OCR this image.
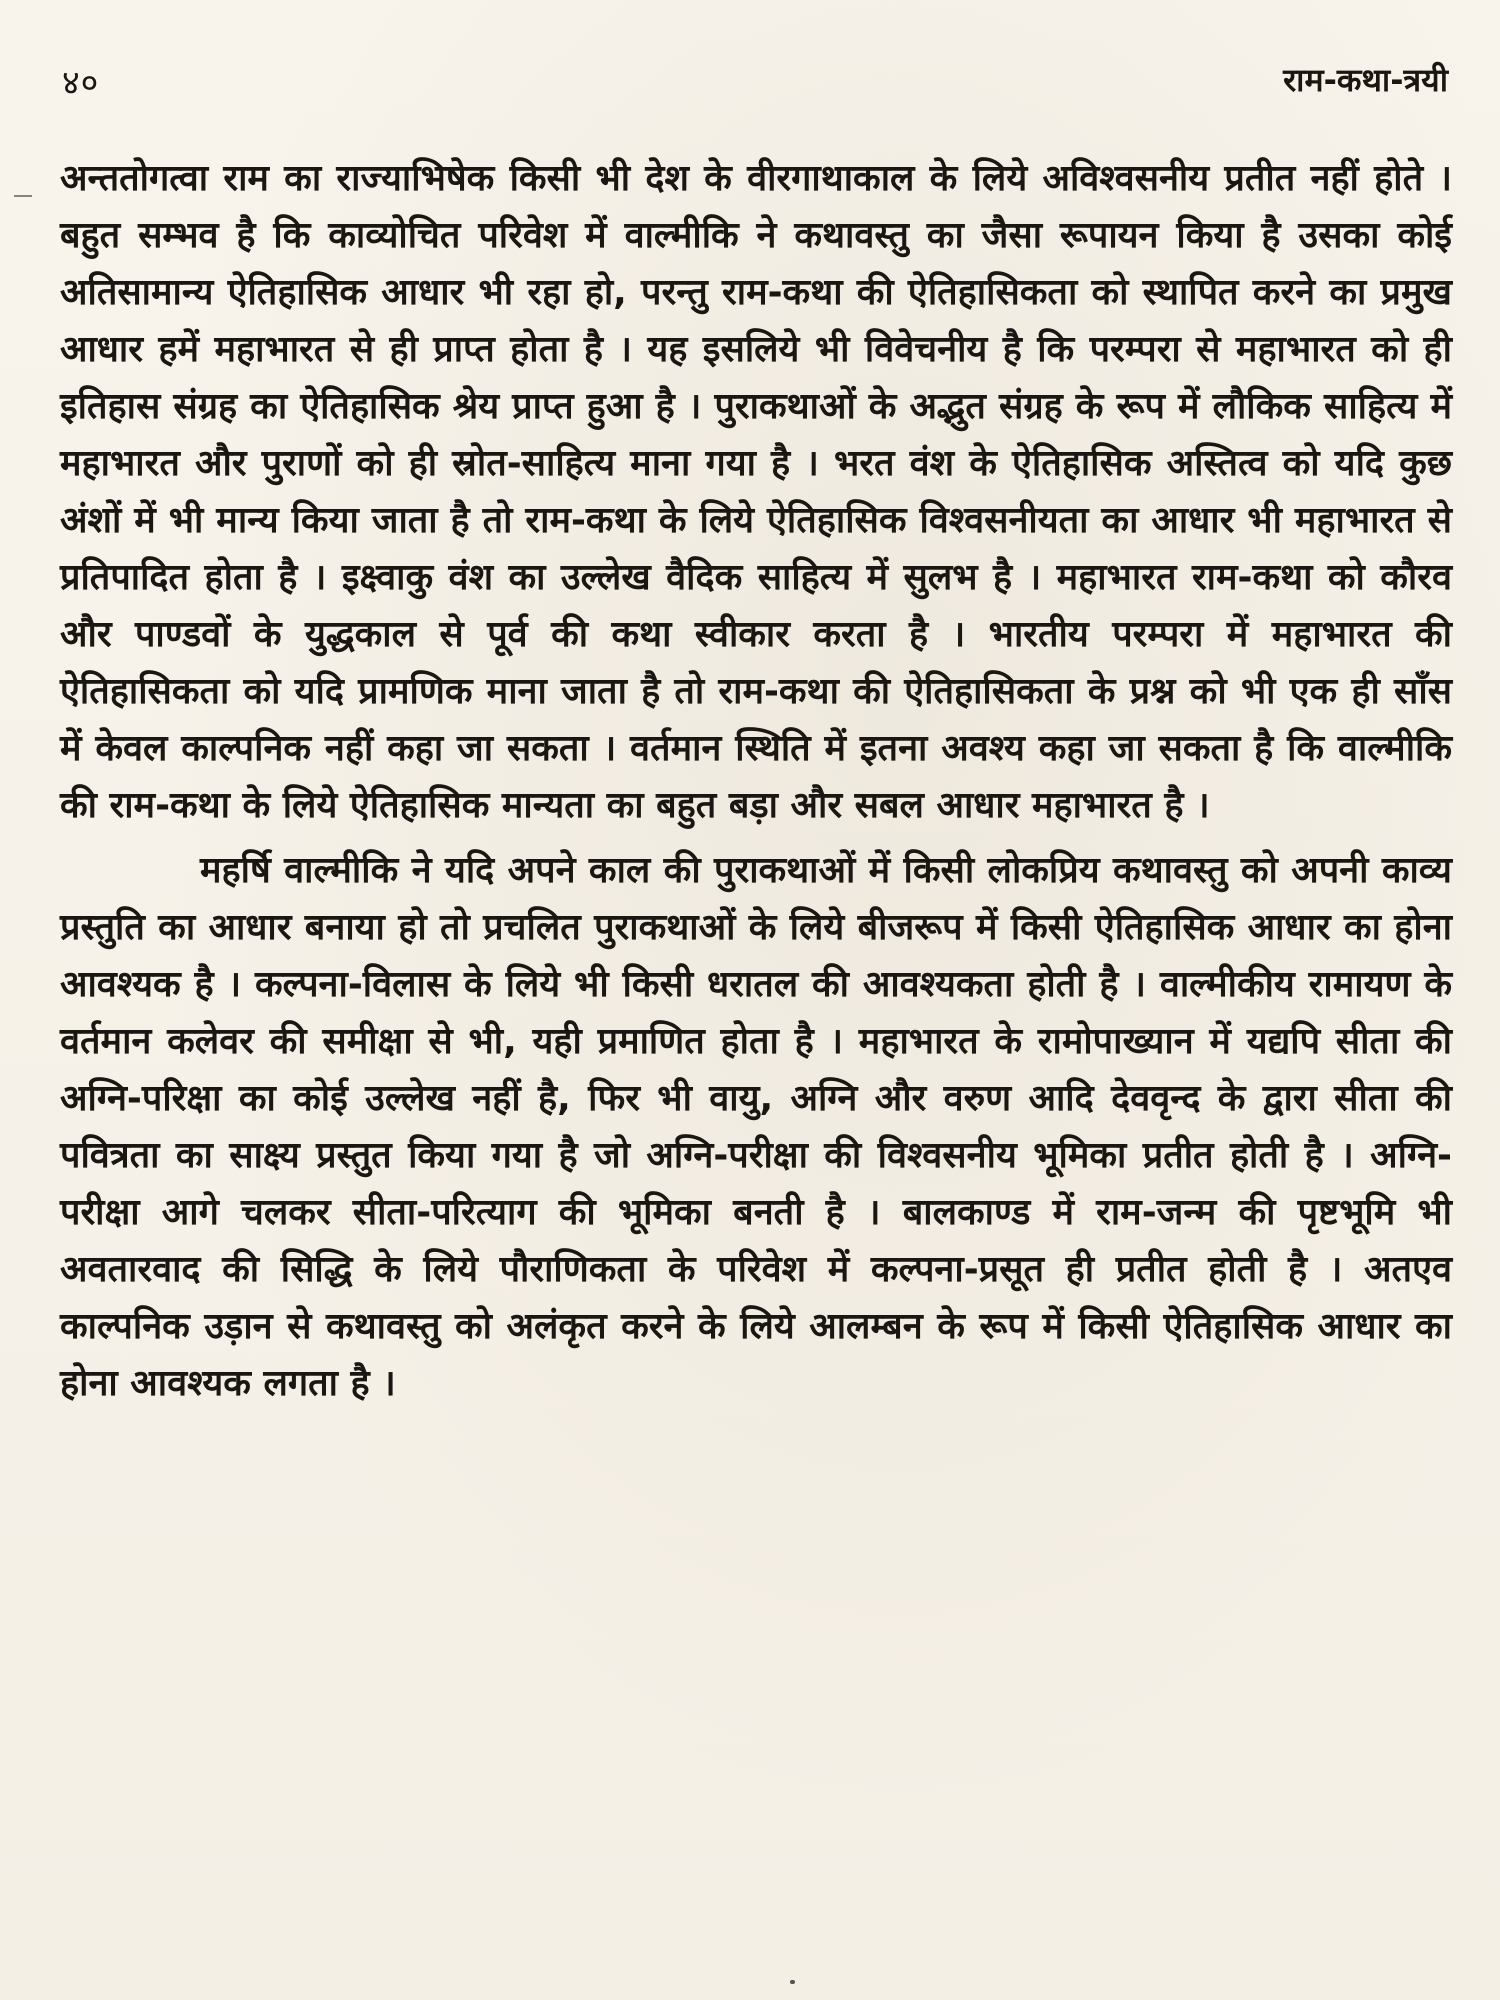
४०	राम-कथा-त्रयी

अन्ततोगत्वा राम का राज्याभिषेक किसी भी देश के वीरगाथाकाल के लिये अविश्वसनीय प्रतीत नहीं होते । बहुत सम्भव है कि काव्योचित परिवेश में वाल्मीकि ने कथावस्तु का जैसा रूपायन किया है उसका कोई अतिसामान्य ऐतिहासिक आधार भी रहा हो, परन्तु राम-कथा की ऐतिहासिकता को स्थापित करने का प्रमुख आधार हमें महाभारत से ही प्राप्त होता है । यह इसलिये भी विवेचनीय है कि परम्परा से महाभारत को ही इतिहास संग्रह का ऐतिहासिक श्रेय प्राप्त हुआ है । पुराकथाओं के अद्भुत संग्रह के रूप में लौकिक साहित्य में महाभारत और पुराणों को ही स्रोत-साहित्य माना गया है । भरत वंश के ऐतिहासिक अस्तित्व को यदि कुछ अंशों में भी मान्य किया जाता है तो राम-कथा के लिये ऐतिहासिक विश्वसनीयता का आधार भी महाभारत से प्रतिपादित होता है । इक्ष्वाकु वंश का उल्लेख वैदिक साहित्य में सुलभ है । महाभारत राम-कथा को कौरव और पाण्डवों के युद्धकाल से पूर्व की कथा स्वीकार करता है । भारतीय परम्परा में महाभारत की ऐतिहासिकता को यदि प्रामणिक माना जाता है तो राम-कथा की ऐतिहासिकता के प्रश्न को भी एक ही साँस में केवल काल्पनिक नहीं कहा जा सकता । वर्तमान स्थिति में इतना अवश्य कहा जा सकता है कि वाल्मीकि की राम-कथा के लिये ऐतिहासिक मान्यता का बहुत बड़ा और सबल आधार महाभारत है ।

महर्षि वाल्मीकि ने यदि अपने काल की पुराकथाओं में किसी लोकप्रिय कथावस्तु को अपनी काव्य प्रस्तुति का आधार बनाया हो तो प्रचलित पुराकथाओं के लिये बीजरूप में किसी ऐतिहासिक आधार का होना आवश्यक है । कल्पना-विलास के लिये भी किसी धरातल की आवश्यकता होती है । वाल्मीकीय रामायण के वर्तमान कलेवर की समीक्षा से भी, यही प्रमाणित होता है । महाभारत के रामोपाख्यान में यद्यपि सीता की अग्नि-परिक्षा का कोई उल्लेख नहीं है, फिर भी वायु, अग्नि और वरुण आदि देववृन्द के द्वारा सीता की पवित्रता का साक्ष्य प्रस्तुत किया गया है जो अग्नि-परीक्षा की विश्वसनीय भूमिका प्रतीत होती है । अग्नि-परीक्षा आगे चलकर सीता-परित्याग की भूमिका बनती है । बालकाण्ड में राम-जन्म की पृष्टभूमि भी अवतारवाद की सिद्धि के लिये पौराणिकता के परिवेश में कल्पना-प्रसूत ही प्रतीत होती है । अतएव काल्पनिक उड़ान से कथावस्तु को अलंकृत करने के लिये आलम्बन के रूप में किसी ऐतिहासिक आधार का होना आवश्यक लगता है ।
